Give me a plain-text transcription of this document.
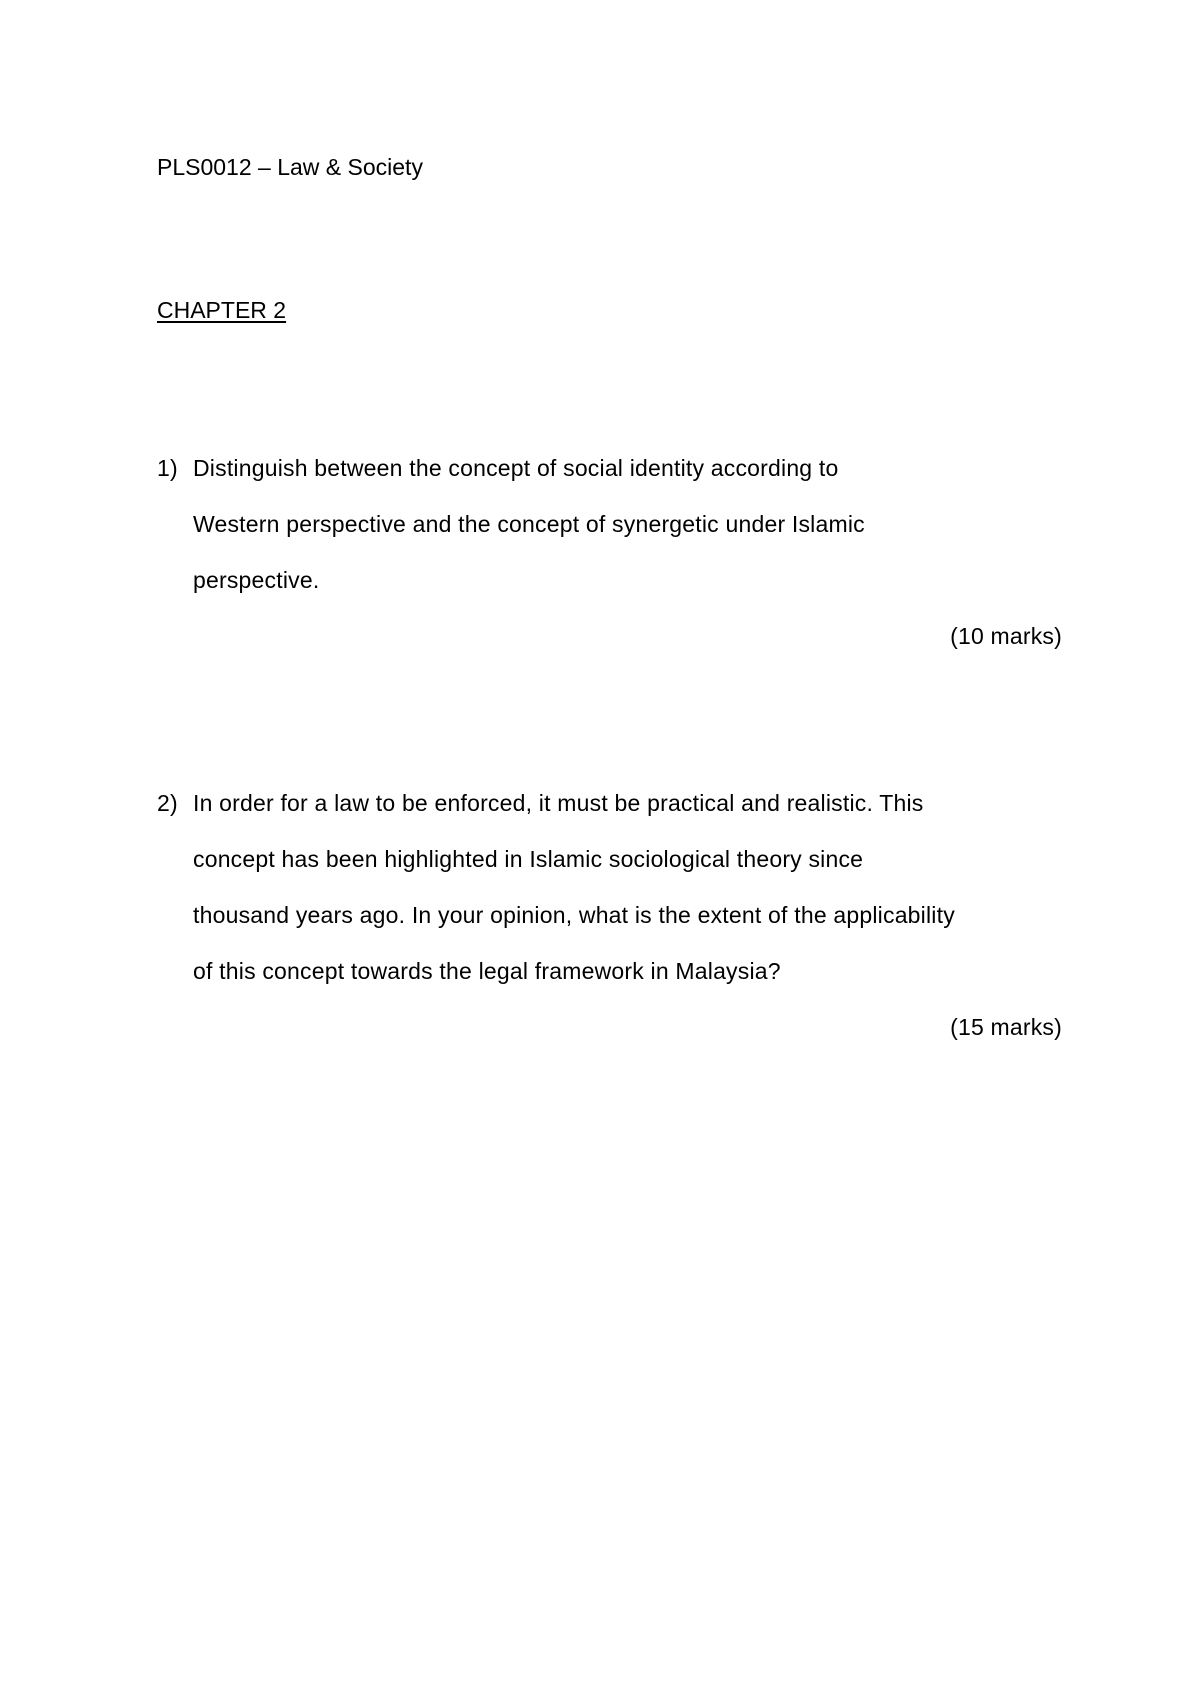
PLS0012 – Law & Society
CHAPTER 2
1) Distinguish between the concept of social identity according to
Western perspective and the concept of synergetic under Islamic
perspective.
(10 marks)
2) In order for a law to be enforced, it must be practical and realistic. This
concept has been highlighted in Islamic sociological theory since
thousand years ago. In your opinion, what is the extent of the applicability
of this concept towards the legal framework in Malaysia?
(15 marks)
